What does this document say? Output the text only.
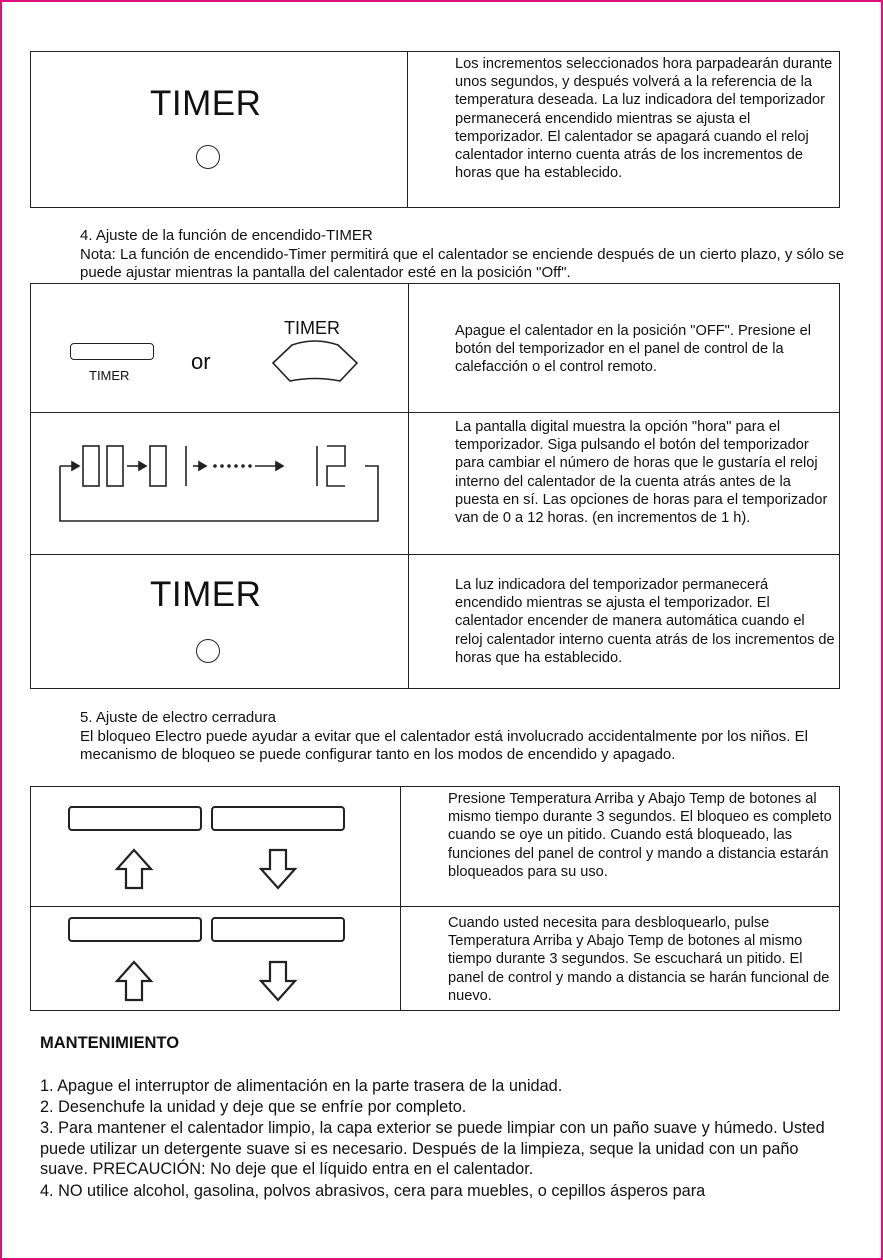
TIMER
Los incrementos seleccionados hora parpadearán durante unos segundos, y después volverá a la referencia de la temperatura deseada. La luz indicadora del temporizador permanecerá encendido mientras se ajusta el temporizador. El calentador se apagará cuando el reloj calentador interno cuenta atrás de los incrementos de horas que ha establecido.
4. Ajuste de la función de encendido-TIMER
Nota: La función de encendido-Timer permitirá que el calentador se enciende después de un cierto plazo, y sólo se puede ajustar mientras la pantalla del calentador esté en la posición "Off".
TIMER
or
TIMER	Apague el calentador en la posición "OFF". Presione el botón del temporizador en el panel de control de la calefacción o el control remoto.
La pantalla digital muestra la opción "hora" para el temporizador. Siga pulsando el botón del temporizador para cambiar el número de horas que le gustaría el reloj interno del calentador de la cuenta atrás antes de la puesta en sí. Las opciones de horas para el temporizador van de 0 a 12 horas. (en incrementos de 1 h).
TIMER	La luz indicadora del temporizador permanecerá encendido mientras se ajusta el temporizador. El calentador encender de manera automática cuando el reloj calentador interno cuenta atrás de los incrementos de horas que ha establecido.
5. Ajuste de electro cerradura
El bloqueo Electro puede ayudar a evitar que el calentador está involucrado accidentalmente por los niños. El mecanismo de bloqueo se puede configurar tanto en los modos de encendido y apagado.
Presione Temperatura Arriba y Abajo Temp de botones al mismo tiempo durante 3 segundos. El bloqueo es completo cuando se oye un pitido. Cuando está bloqueado, las funciones del panel de control y mando a distancia estarán bloqueados para su uso.
Cuando usted necesita para desbloquearlo, pulse Temperatura Arriba y Abajo Temp de botones al mismo tiempo durante 3 segundos. Se escuchará un pitido. El panel de control y mando a distancia se harán funcional de nuevo.
MANTENIMIENTO
1. Apague el interruptor de alimentación en la parte trasera de la unidad.
2. Desenchufe la unidad y deje que se enfríe por completo.
3. Para mantener el calentador limpio, la capa exterior se puede limpiar con un paño suave y húmedo. Usted puede utilizar un detergente suave si es necesario. Después de la limpieza, seque la unidad con un paño suave. PRECAUCIÓN: No deje que el líquido entra en el calentador.
4. NO utilice alcohol, gasolina, polvos abrasivos, cera para muebles, o cepillos ásperos para
